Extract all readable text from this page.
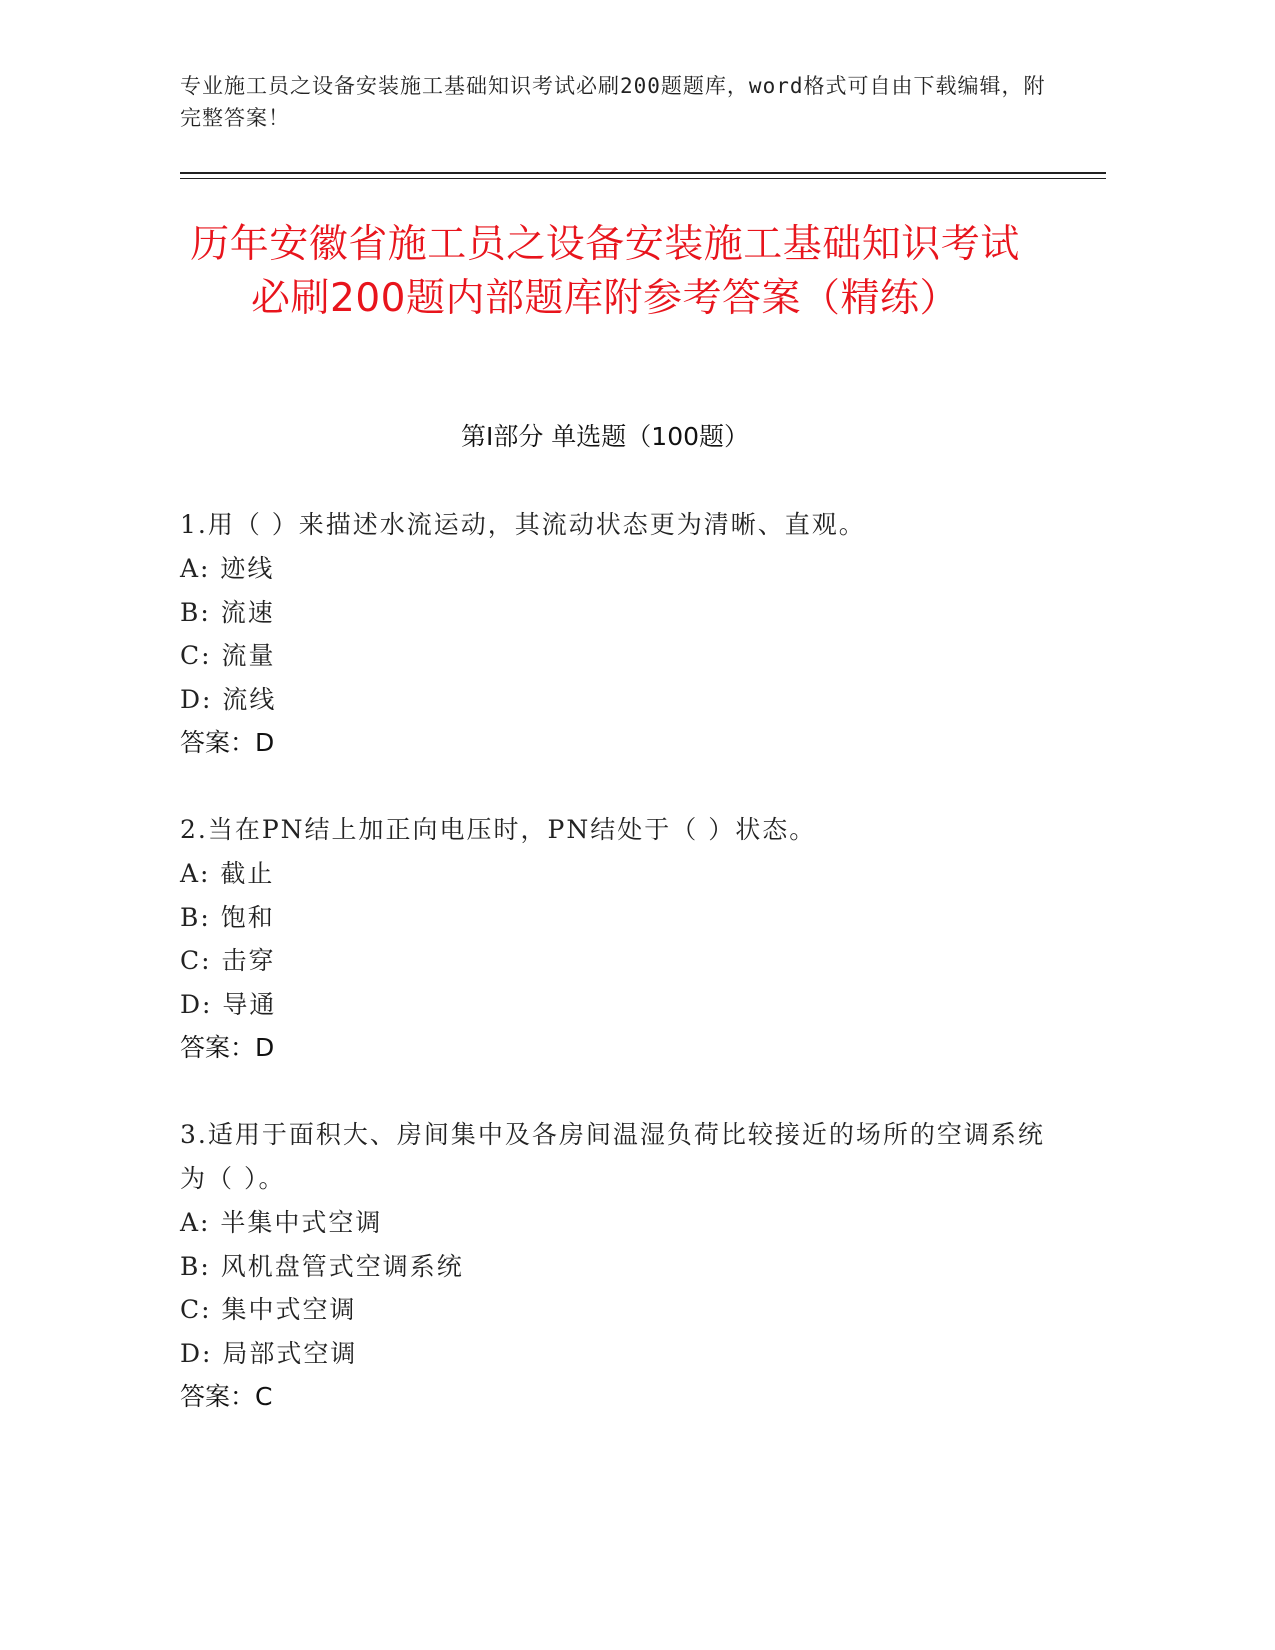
专业施工员之设备安装施工基础知识考试必刷200题题库，word格式可自由下载编辑，附完整答案！
历年安徽省施工员之设备安装施工基础知识考试必刷200题内部题库附参考答案（精练）
第I部分 单选题（100题）
1.用（ ）来描述水流运动，其流动状态更为清晰、直观。
A: 迹线
B: 流速
C: 流量
D: 流线
答案：D
2.当在PN结上加正向电压时，PN结处于（ ）状态。
A: 截止
B: 饱和
C: 击穿
D: 导通
答案：D
3.适用于面积大、房间集中及各房间温湿负荷比较接近的场所的空调系统为（ ）。
A: 半集中式空调
B: 风机盘管式空调系统
C: 集中式空调
D: 局部式空调
答案：C
